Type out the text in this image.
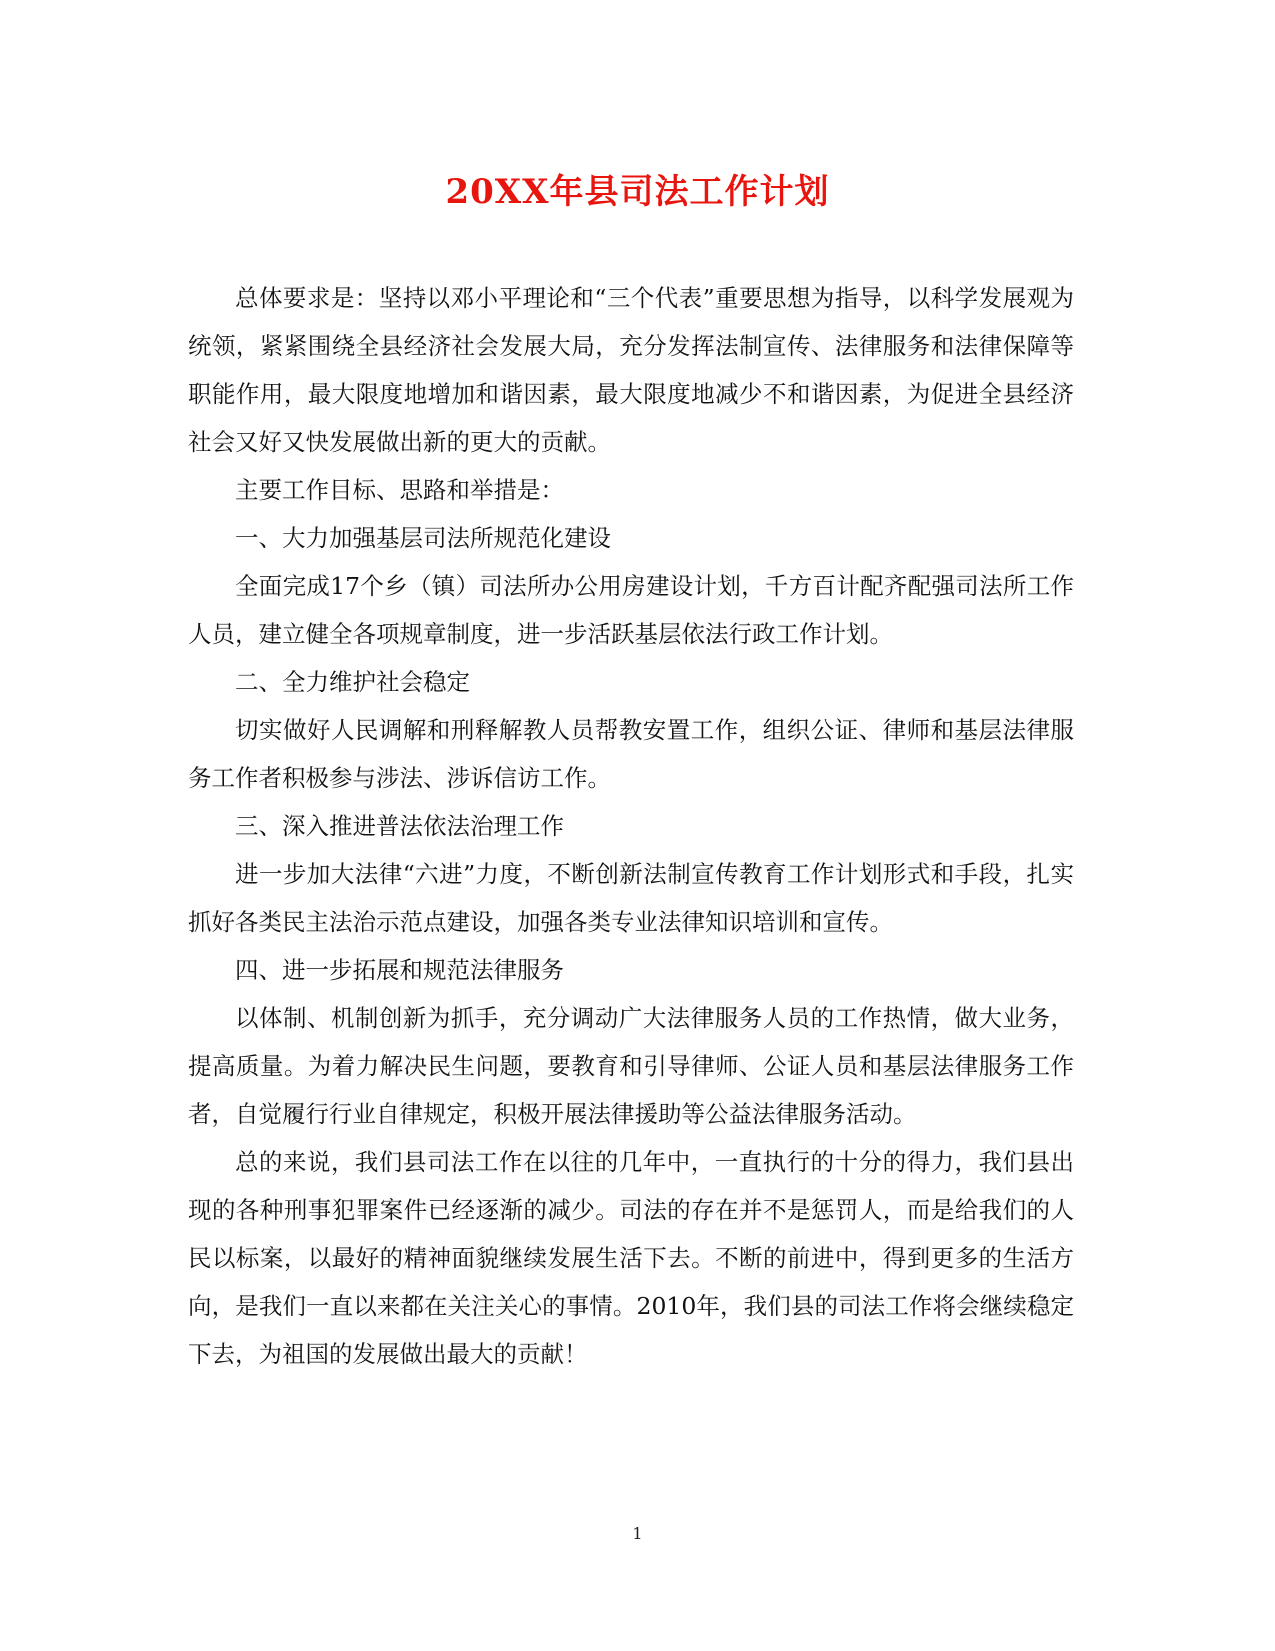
20XX年县司法工作计划

总体要求是：坚持以邓小平理论和“三个代表”重要思想为指导，以科学发展观为统领，紧紧围绕全县经济社会发展大局，充分发挥法制宣传、法律服务和法律保障等职能作用，最大限度地增加和谐因素，最大限度地减少不和谐因素，为促进全县经济社会又好又快发展做出新的更大的贡献。

主要工作目标、思路和举措是：

一、大力加强基层司法所规范化建设

全面完成17个乡（镇）司法所办公用房建设计划，千方百计配齐配强司法所工作人员，建立健全各项规章制度，进一步活跃基层依法行政工作计划。

二、全力维护社会稳定

切实做好人民调解和刑释解教人员帮教安置工作，组织公证、律师和基层法律服务工作者积极参与涉法、涉诉信访工作。

三、深入推进普法依法治理工作

进一步加大法律“六进”力度，不断创新法制宣传教育工作计划形式和手段，扎实抓好各类民主法治示范点建设，加强各类专业法律知识培训和宣传。

四、进一步拓展和规范法律服务

以体制、机制创新为抓手，充分调动广大法律服务人员的工作热情，做大业务，提高质量。为着力解决民生问题，要教育和引导律师、公证人员和基层法律服务工作者，自觉履行行业自律规定，积极开展法律援助等公益法律服务活动。

总的来说，我们县司法工作在以往的几年中，一直执行的十分的得力，我们县出现的各种刑事犯罪案件已经逐渐的减少。司法的存在并不是惩罚人，而是给我们的人民以标案，以最好的精神面貌继续发展生活下去。不断的前进中，得到更多的生活方向，是我们一直以来都在关注关心的事情。2010年，我们县的司法工作将会继续稳定下去，为祖国的发展做出最大的贡献！

1
